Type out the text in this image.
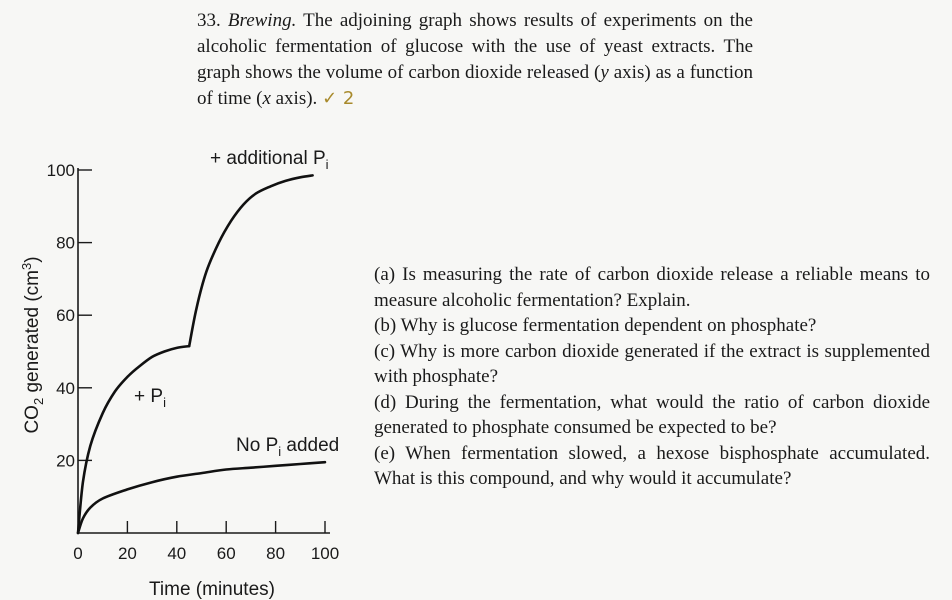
33. Brewing. The adjoining graph shows results of experiments on the alcoholic fermentation of glucose with the use of yeast extracts. The graph shows the volume of carbon dioxide released (y axis) as a function of time (x axis). ✓ 2
0 20 40 60 80 100
20
40
60
80
100
Time (minutes)
$CO_2$ generated $(cm^3)$
+ additional $P_i$
+ $P_i$
No $P_i$ added

(a) Is measuring the rate of carbon dioxide release a reliable means to measure alcoholic fermentation? Explain.

(b) Why is glucose fermentation dependent on phosphate?

(c) Why is more carbon dioxide generated if the extract is supplemented with phosphate?

(d) During the fermentation, what would the ratio of carbon dioxide generated to phosphate consumed be expected to be?

(e) When fermentation slowed, a hexose bisphosphate accumulated. What is this compound, and why would it accumulate?
